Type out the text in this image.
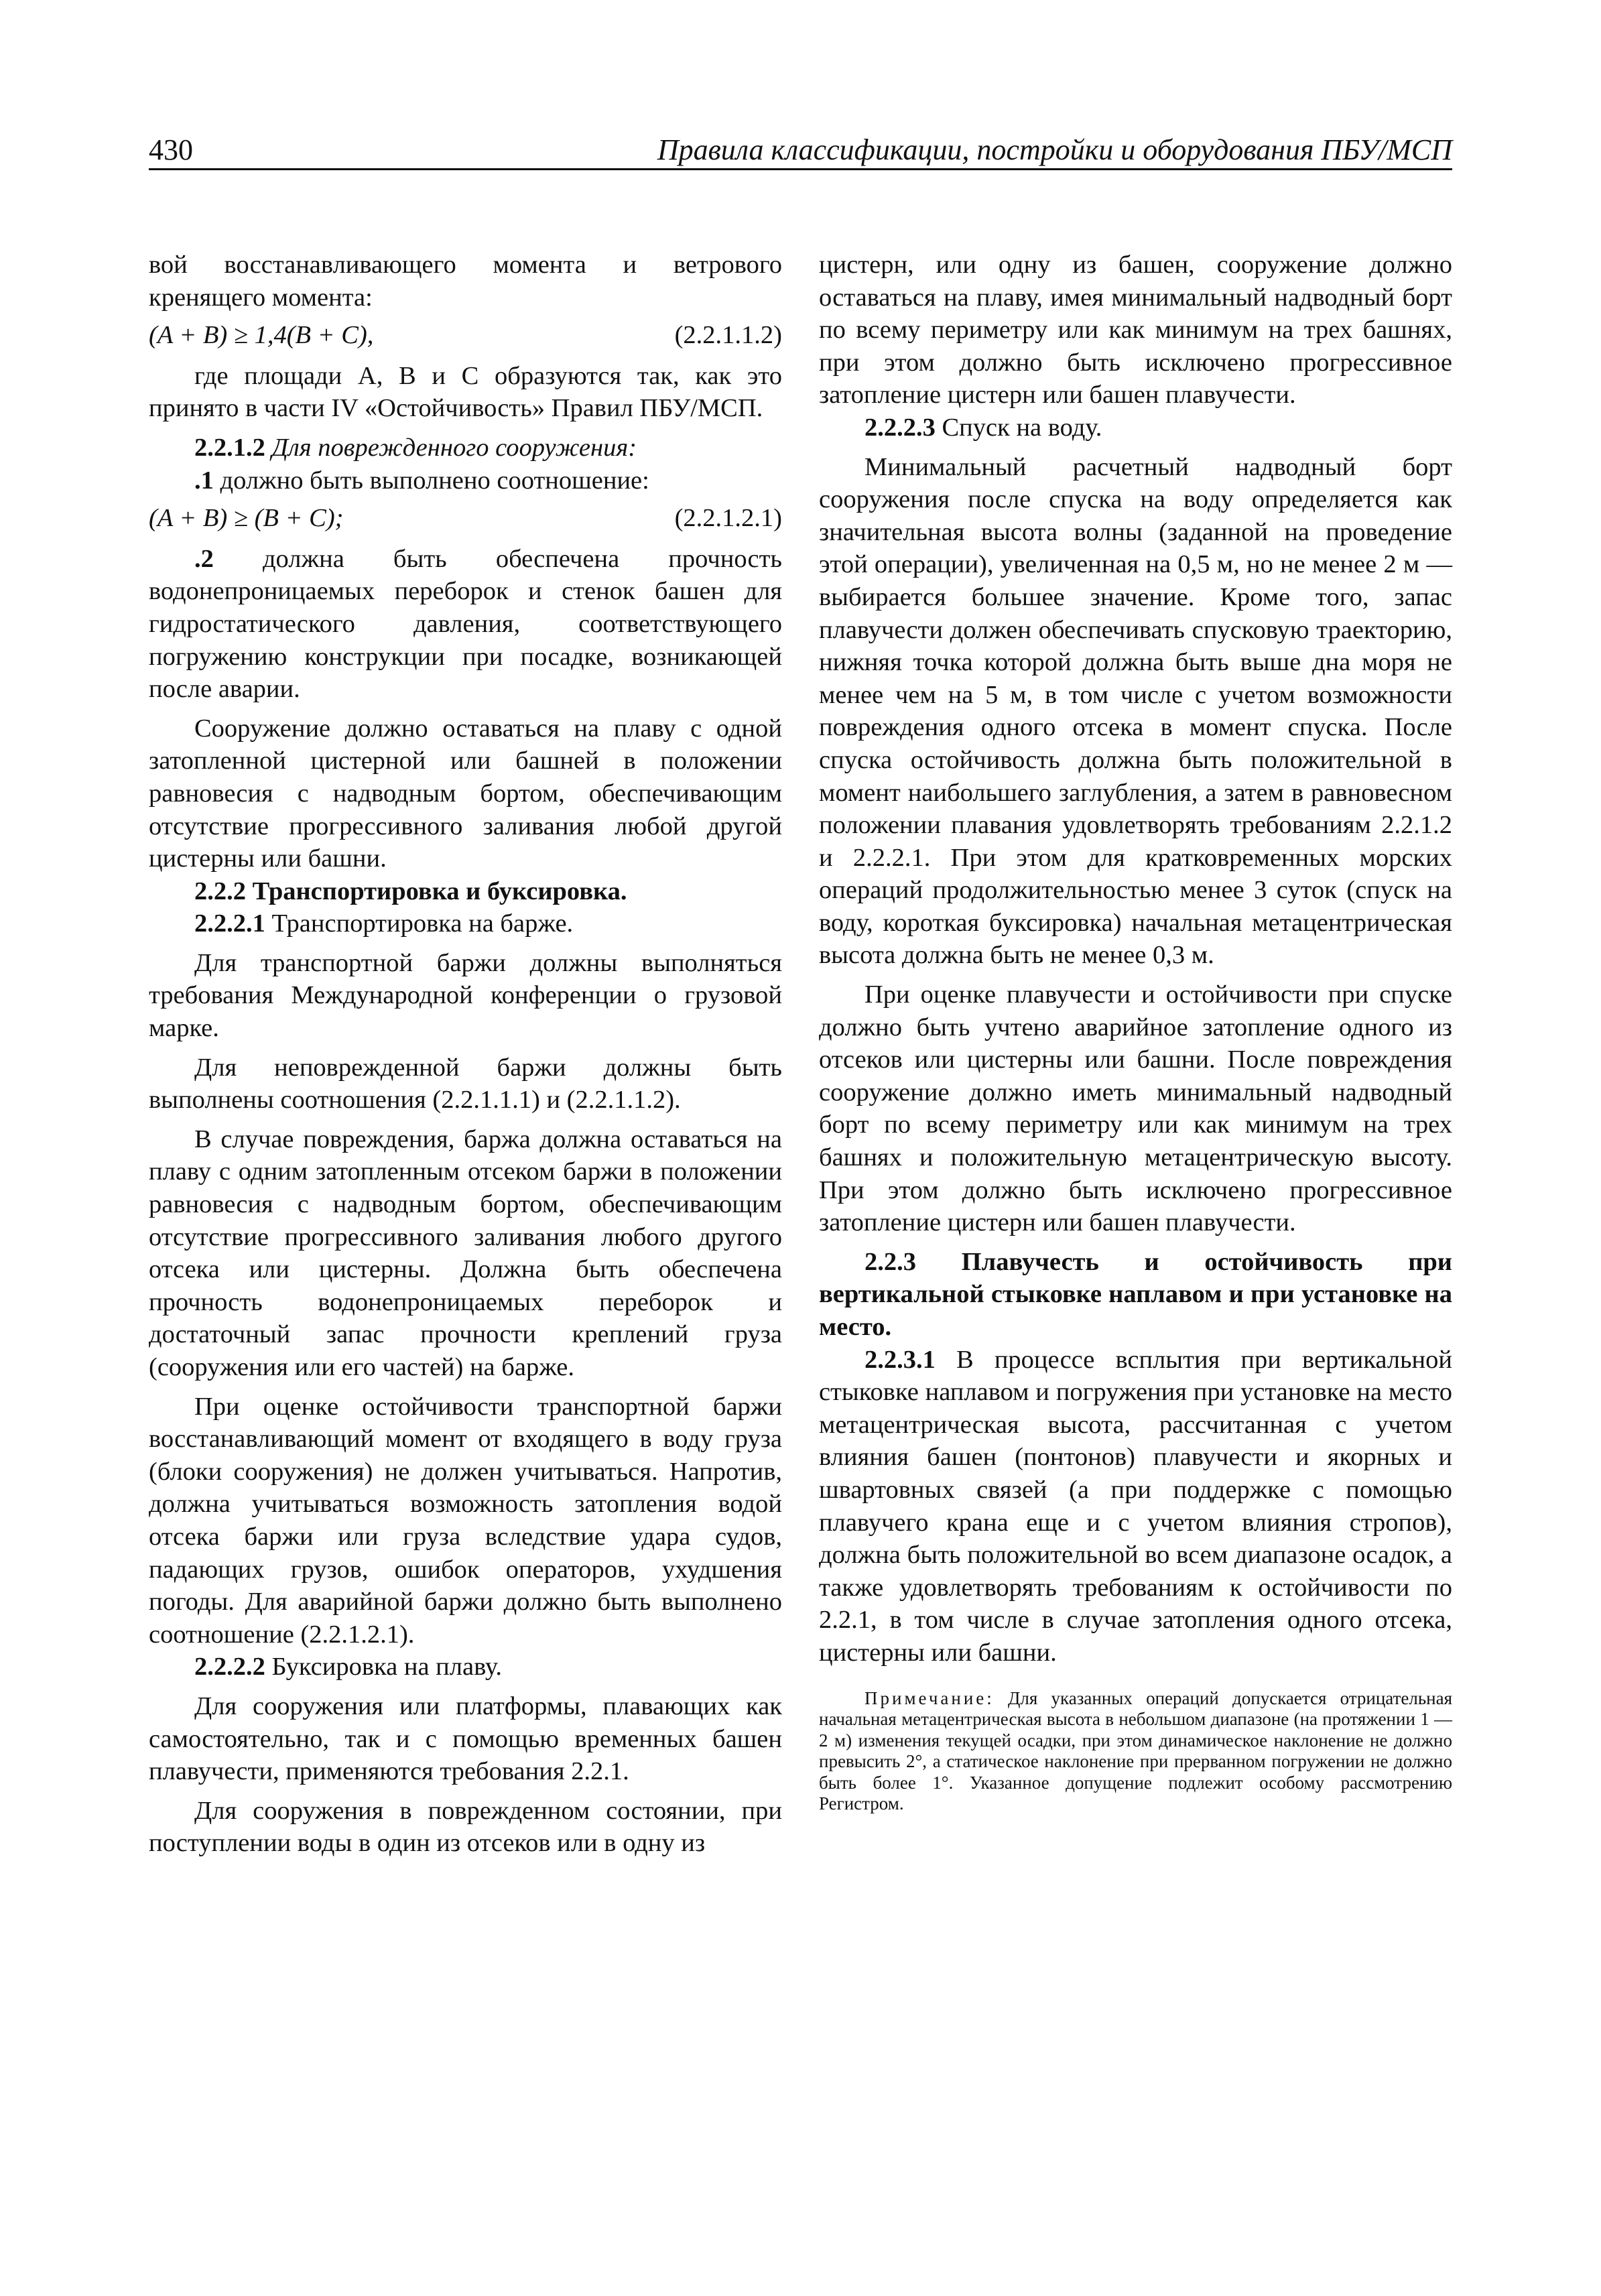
430	Правила классификации, постройки и оборудования ПБУ/МСП

вой восстанавливающего момента и ветрового кренящего момента:

(A + B) ≥ 1,4(B + C),	(2.2.1.1.2)

где площади A, B и C образуются так, как это принято в части IV «Остойчивость» Правил ПБУ/МСП.

2.2.1.2 Для поврежденного сооружения:

.1 должно быть выполнено соотношение:

(A + B) ≥ (B + C);	(2.2.1.2.1)

.2 должна быть обеспечена прочность водонепроницаемых переборок и стенок башен для гидростатического давления, соответствующего погружению конструкции при посадке, возникающей после аварии.

Сооружение должно оставаться на плаву с одной затопленной цистерной или башней в положении равновесия с надводным бортом, обеспечивающим отсутствие прогрессивного заливания любой другой цистерны или башни.

2.2.2 Транспортировка и буксировка.

2.2.2.1 Транспортировка на барже.

Для транспортной баржи должны выполняться требования Международной конференции о грузовой марке.

Для неповрежденной баржи должны быть выполнены соотношения (2.2.1.1.1) и (2.2.1.1.2).

В случае повреждения, баржа должна оставаться на плаву с одним затопленным отсеком баржи в положении равновесия с надводным бортом, обеспечивающим отсутствие прогрессивного заливания любого другого отсека или цистерны. Должна быть обеспечена прочность водонепроницаемых переборок и достаточный запас прочности креплений груза (сооружения или его частей) на барже.

При оценке остойчивости транспортной баржи восстанавливающий момент от входящего в воду груза (блоки сооружения) не должен учитываться. Напротив, должна учитываться возможность затопления водой отсека баржи или груза вследствие удара судов, падающих грузов, ошибок операторов, ухудшения погоды. Для аварийной баржи должно быть выполнено соотношение (2.2.1.2.1).

2.2.2.2 Буксировка на плаву.

Для сооружения или платформы, плавающих как самостоятельно, так и с помощью временных башен плавучести, применяются требования 2.2.1.

Для сооружения в поврежденном состоянии, при поступлении воды в один из отсеков или в одну из

цистерн, или одну из башен, сооружение должно оставаться на плаву, имея минимальный надводный борт по всему периметру или как минимум на трех башнях, при этом должно быть исключено прогрессивное затопление цистерн или башен плавучести.

2.2.2.3 Спуск на воду.

Минимальный расчетный надводный борт сооружения после спуска на воду определяется как значительная высота волны (заданной на проведение этой операции), увеличенная на 0,5 м, но не менее 2 м — выбирается большее значение. Кроме того, запас плавучести должен обеспечивать спусковую траекторию, нижняя точка которой должна быть выше дна моря не менее чем на 5 м, в том числе с учетом возможности повреждения одного отсека в момент спуска. После спуска остойчивость должна быть положительной в момент наибольшего заглубления, а затем в равновесном положении плавания удовлетворять требованиям 2.2.1.2 и 2.2.2.1. При этом для кратковременных морских операций продолжительностью менее 3 суток (спуск на воду, короткая буксировка) начальная метацентрическая высота должна быть не менее 0,3 м.

При оценке плавучести и остойчивости при спуске должно быть учтено аварийное затопление одного из отсеков или цистерны или башни. После повреждения сооружение должно иметь минимальный надводный борт по всему периметру или как минимум на трех башнях и положительную метацентрическую высоту. При этом должно быть исключено прогрессивное затопление цистерн или башен плавучести.

2.2.3 Плавучесть и остойчивость при вертикальной стыковке наплавом и при установке на место.

2.2.3.1 В процессе всплытия при вертикальной стыковке наплавом и погружения при установке на место метацентрическая высота, рассчитанная с учетом влияния башен (понтонов) плавучести и якорных и швартовных связей (а при поддержке с помощью плавучего крана еще и с учетом влияния стропов), должна быть положительной во всем диапазоне осадок, а также удовлетворять требованиям к остойчивости по 2.2.1, в том числе в случае затопления одного отсека, цистерны или башни.

Примечание: Для указанных операций допускается отрицательная начальная метацентрическая высота в небольшом диапазоне (на протяжении 1 — 2 м) изменения текущей осадки, при этом динамическое наклонение не должно превысить 2°, а статическое наклонение при прерванном погружении не должно быть более 1°. Указанное допущение подлежит особому рассмотрению Регистром.
